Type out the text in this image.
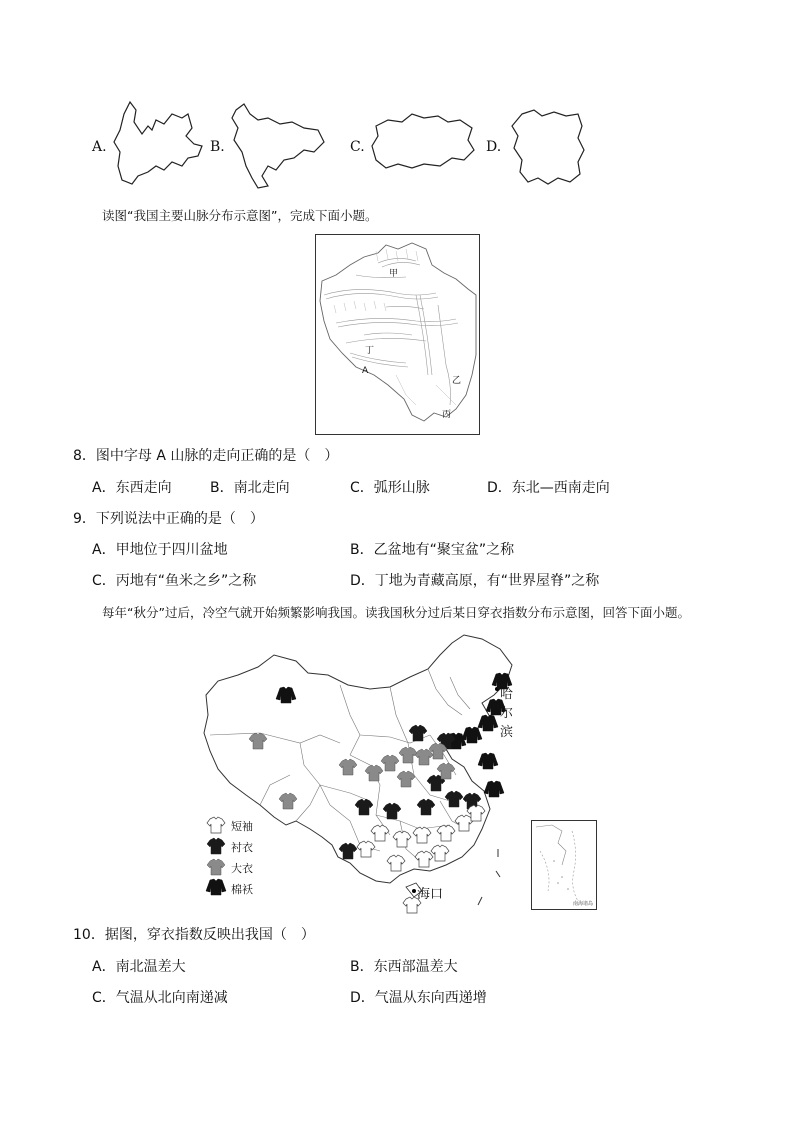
A.	B.	C.	D.
读图“我国主要山脉分布示意图”，完成下面小题。
甲
丁
A
乙
丙
8．图中字母 A 山脉的走向正确的是（　）
A．东西走向	B．南北走向	C．弧形山脉	D．东北—西南走向
9．下列说法中正确的是（　）
A．甲地位于四川盆地	B．乙盆地有“聚宝盆”之称
C．丙地有“鱼米之乡”之称	D．丁地为青藏高原，有“世界屋脊”之称
每年“秋分”过后，冷空气就开始频繁影响我国。读我国秋分过后某日穿衣指数分布示意图，回答下面小题。
哈尔滨
海口
短袖
衬衣
大衣
棉袄
南海诸岛
10．据图，穿衣指数反映出我国（　）
A．南北温差大	B．东西部温差大
C．气温从北向南递减	D．气温从东向西递增
